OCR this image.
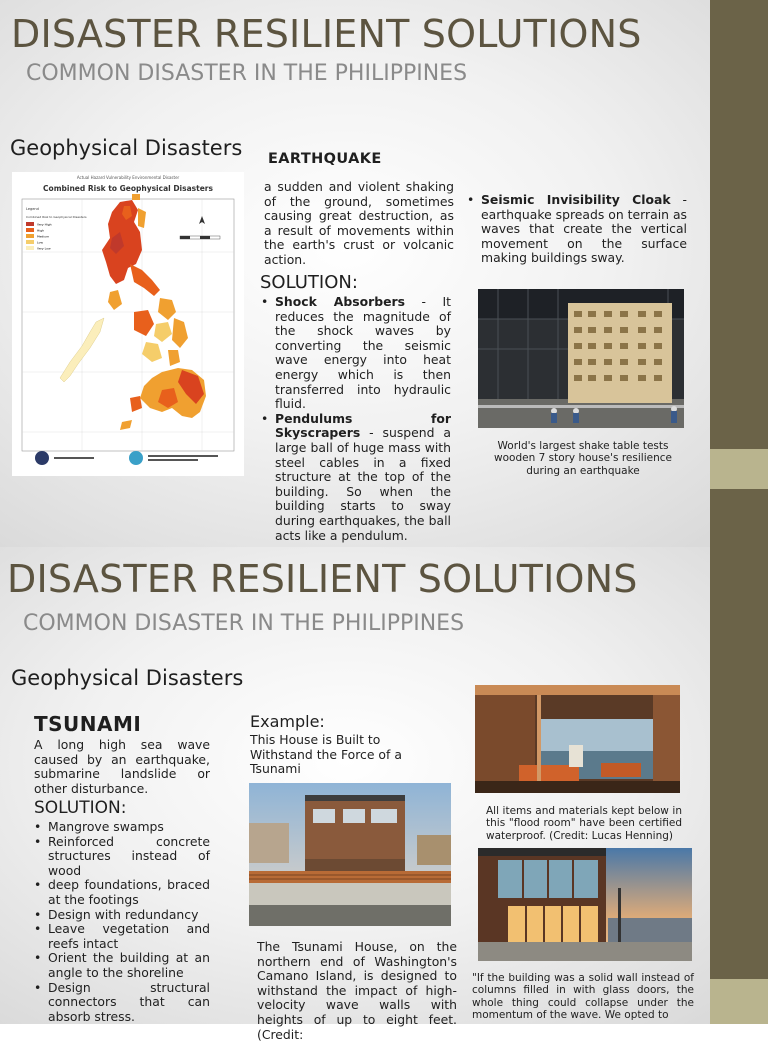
DISASTER RESILIENT SOLUTIONS
COMMON DISASTER IN THE PHILIPPINES
Geophysical Disasters
Actual Hazard Vulnerability Environmental Disaster
Combined Risk to Geophysical Disasters
Legend
Combined Risk to Geophysical Disasters
Very High
High
Medium
Low
Very Low
EARTHQUAKE
a sudden and violent shaking of the ground, sometimes causing great destruction, as a result of movements within the earth's crust or volcanic action.
SOLUTION:
• Shock Absorbers - It reduces the magnitude of the shock waves by converting the seismic wave energy into heat energy which is then transferred into hydraulic fluid.
• Pendulums for Skyscrapers - suspend a large ball of huge mass with steel cables in a fixed structure at the top of the building. So when the building starts to sway during earthquakes, the ball acts like a pendulum.
• Seismic Invisibility Cloak - earthquake spreads on terrain as waves that create the vertical movement on the surface making buildings sway.
World's largest shake table tests wooden 7 story house's resilience during an earthquake
DISASTER RESILIENT SOLUTIONS
COMMON DISASTER IN THE PHILIPPINES
Geophysical Disasters
TSUNAMI
A long high sea wave caused by an earthquake, submarine landslide or other disturbance.
SOLUTION:
• Mangrove swamps
• Reinforced concrete structures instead of wood
• deep foundations, braced at the footings
• Design with redundancy
• Leave vegetation and reefs intact
• Orient the building at an angle to the shoreline
• Design structural connectors that can absorb stress.
Example:
This House is Built to Withstand the Force of a Tsunami
The Tsunami House, on the northern end of Washington's Camano Island, is designed to withstand the impact of high-velocity wave walls with heights of up to eight feet. (Credit:
All items and materials kept below in this "flood room" have been certified waterproof. (Credit: Lucas Henning)
"If the building was a solid wall instead of columns filled in with glass doors, the whole thing could collapse under the momentum of the wave. We opted to
